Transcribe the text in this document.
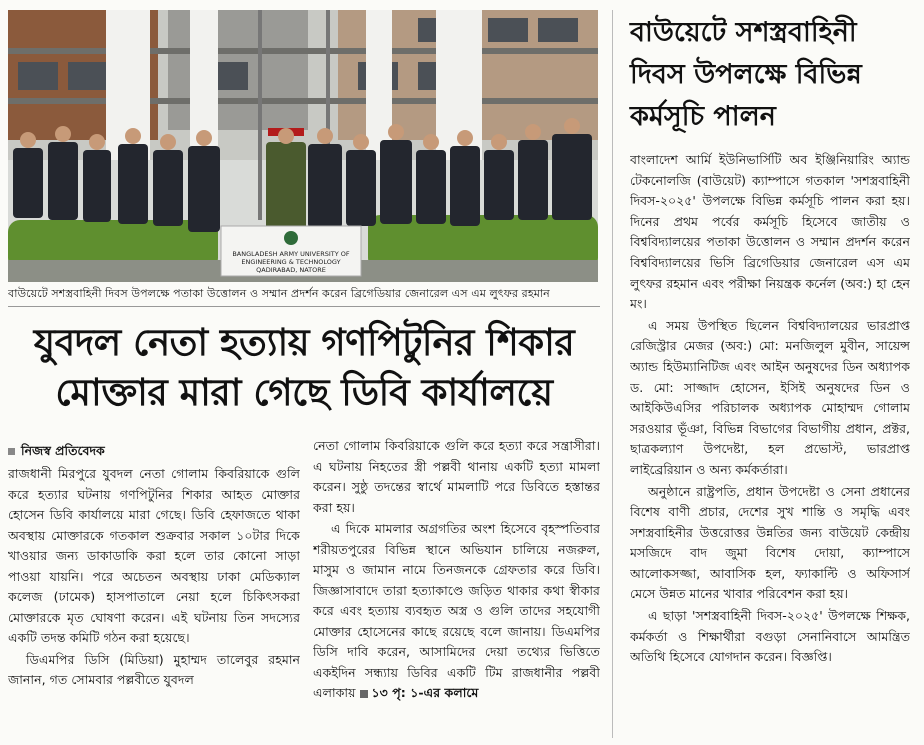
BANGLADESH ARMY UNIVERSITY OF
ENGINEERING & TECHNOLOGY
QADIRABAD, NATORE
বাউয়েটে সশস্ত্রবাহিনী দিবস উপলক্ষে পতাকা উত্তোলন ও সম্মান প্রদর্শন করেন ব্রিগেডিয়ার জেনারেল এস এম লুৎফর রহমান
যুবদল নেতা হত্যায় গণপিটুনির শিকার
মোক্তার মারা গেছে ডিবি কার্যালয়ে
নিজস্ব প্রতিবেদক

রাজধানী মিরপুরে যুবদল নেতা গোলাম কিবরিয়াকে গুলি করে হত্যার ঘটনায় গণপিটুনির শিকার আহত মোক্তার হোসেন ডিবি কার্যালয়ে মারা গেছে। ডিবি হেফাজতে থাকা অবস্থায় মোক্তারকে গতকাল শুক্রবার সকাল ১০টার দিকে খাওয়ার জন্য ডাকাডাকি করা হলে তার কোনো সাড়া পাওয়া যায়নি। পরে অচেতন অবস্থায় ঢাকা মেডিক্যাল কলেজ (ঢামেক) হাসপাতালে নেয়া হলে চিকিৎসকরা মোক্তারকে মৃত ঘোষণা করেন। এই ঘটনায় তিন সদস্যের একটি তদন্ত কমিটি গঠন করা হয়েছে।

ডিএমপির ডিসি (মিডিয়া) মুহাম্মদ তালেবুর রহমান জানান, গত সোমবার পল্লবীতে যুবদল

নেতা গোলাম কিবরিয়াকে গুলি করে হত্যা করে সন্ত্রাসীরা। এ ঘটনায় নিহতের স্ত্রী পল্লবী থানায় একটি হত্যা মামলা করেন। সুষ্ঠু তদন্তের স্বার্থে মামলাটি পরে ডিবিতে হস্তান্তর করা হয়।

এ দিকে মামলার অগ্রগতির অংশ হিসেবে বৃহস্পতিবার শরীয়তপুরের বিভিন্ন স্থানে অভিযান চালিয়ে নজরুল, মাসুম ও জামান নামে তিনজনকে গ্রেফতার করে ডিবি। জিজ্ঞাসাবাদে তারা হত্যাকাণ্ডে জড়িত থাকার কথা স্বীকার করে এবং হত্যায় ব্যবহৃত অস্ত্র ও গুলি তাদের সহযোগী মোক্তার হোসেনের কাছে রয়েছে বলে জানায়। ডিএমপির ডিসি দাবি করেন, আসামিদের দেয়া তথ্যের ভিত্তিতে একইদিন সন্ধ্যায় ডিবির একটি টিম রাজধানীর পল্লবী এলাকায় ১৩ পৃ: ১-এর কলামে

বাউয়েটে সশস্ত্রবাহিনী দিবস উপলক্ষে বিভিন্ন কর্মসূচি পালন

বাংলাদেশ আর্মি ইউনিভার্সিটি অব ইঞ্জিনিয়ারিং অ্যান্ড টেকনোলজি (বাউয়েট) ক্যাম্পাসে গতকাল 'সশস্ত্রবাহিনী দিবস-২০২৫' উপলক্ষে বিভিন্ন কর্মসূচি পালন করা হয়। দিনের প্রথম পর্বের কর্মসূচি হিসেবে জাতীয় ও বিশ্ববিদ্যালয়ের পতাকা উত্তোলন ও সম্মান প্রদর্শন করেন বিশ্ববিদ্যালয়ের ভিসি ব্রিগেডিয়ার জেনারেল এস এম লুৎফর রহমান এবং পরীক্ষা নিয়ন্ত্রক কর্নেল (অব:) হা হেন মং।

এ সময় উপস্থিত ছিলেন বিশ্ববিদ্যালয়ের ভারপ্রাপ্ত রেজিস্ট্রার মেজর (অব:) মো: মনজিলুল মুবীন, সায়েন্স অ্যান্ড হিউম্যানিটিজ এবং আইন অনুষদের ডিন অধ্যাপক ড. মো: সাজ্জাদ হোসেন, ইসিই অনুষদের ডিন ও আইকিউএসির পরিচালক অধ্যাপক মোহাম্মদ গোলাম সরওয়ার ভূঁঞা, বিভিন্ন বিভাগের বিভাগীয় প্রধান, প্রক্টর, ছাত্রকল্যাণ উপদেষ্টা, হল প্রভোস্ট, ভারপ্রাপ্ত লাইব্রেরিয়ান ও অন্য কর্মকর্তারা।

অনুষ্ঠানে রাষ্ট্রপতি, প্রধান উপদেষ্টা ও সেনা প্রধানের বিশেষ বাণী প্রচার, দেশের সুখ শান্তি ও সমৃদ্ধি এবং সশস্ত্রবাহিনীর উত্তরোত্তর উন্নতির জন্য বাউয়েট কেন্দ্রীয় মসজিদে বাদ জুমা বিশেষ দোয়া, ক্যাম্পাসে আলোকসজ্জা, আবাসিক হল, ফ্যাকাল্টি ও অফিসার্স মেসে উন্নত মানের খাবার পরিবেশন করা হয়।

এ ছাড়া 'সশস্ত্রবাহিনী দিবস-২০২৫' উপলক্ষে শিক্ষক, কর্মকর্তা ও শিক্ষার্থীরা বগুড়া সেনানিবাসে আমন্ত্রিত অতিথি হিসেবে যোগদান করেন। বিজ্ঞপ্তি।
